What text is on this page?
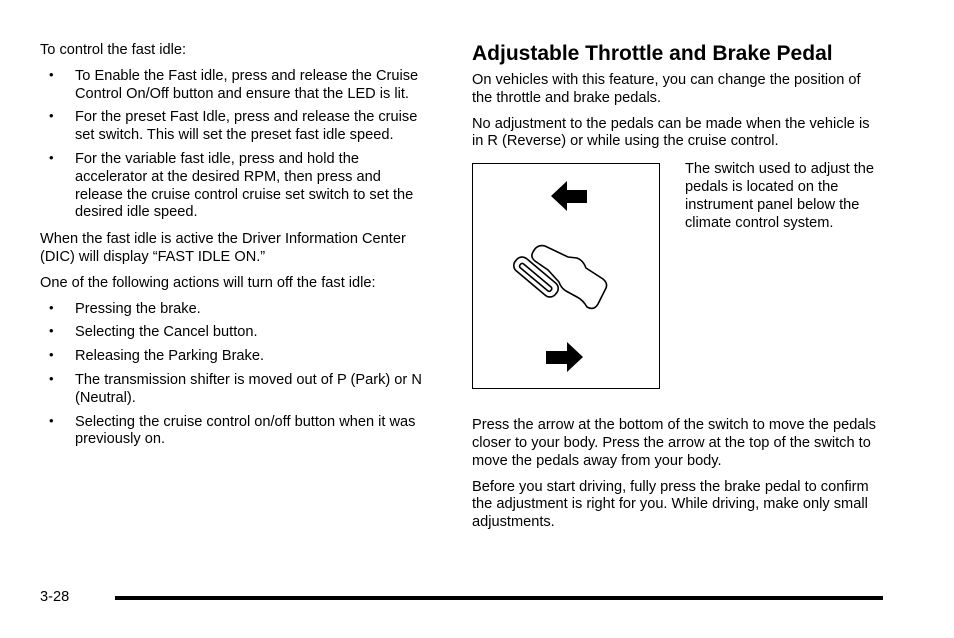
To control the fast idle:

• To Enable the Fast idle, press and release the Cruise Control On/Off button and ensure that the LED is lit.
• For the preset Fast Idle, press and release the cruise set switch. This will set the preset fast idle speed.
• For the variable fast idle, press and hold the accelerator at the desired RPM, then press and release the cruise control cruise set switch to set the desired idle speed.

When the fast idle is active the Driver Information Center (DIC) will display “FAST IDLE ON.”

One of the following actions will turn off the fast idle:

• Pressing the brake.
• Selecting the Cancel button.
• Releasing the Parking Brake.
• The transmission shifter is moved out of P (Park) or N (Neutral).
• Selecting the cruise control on/off button when it was previously on.
Adjustable Throttle and Brake Pedal

On vehicles with this feature, you can change the position of the throttle and brake pedals.

No adjustment to the pedals can be made when the vehicle is in R (Reverse) or while using the cruise control.

The switch used to adjust the pedals is located on the instrument panel below the climate control system.

Press the arrow at the bottom of the switch to move the pedals closer to your body. Press the arrow at the top of the switch to move the pedals away from your body.

Before you start driving, fully press the brake pedal to confirm the adjustment is right for you. While driving, make only small adjustments.

3-28
